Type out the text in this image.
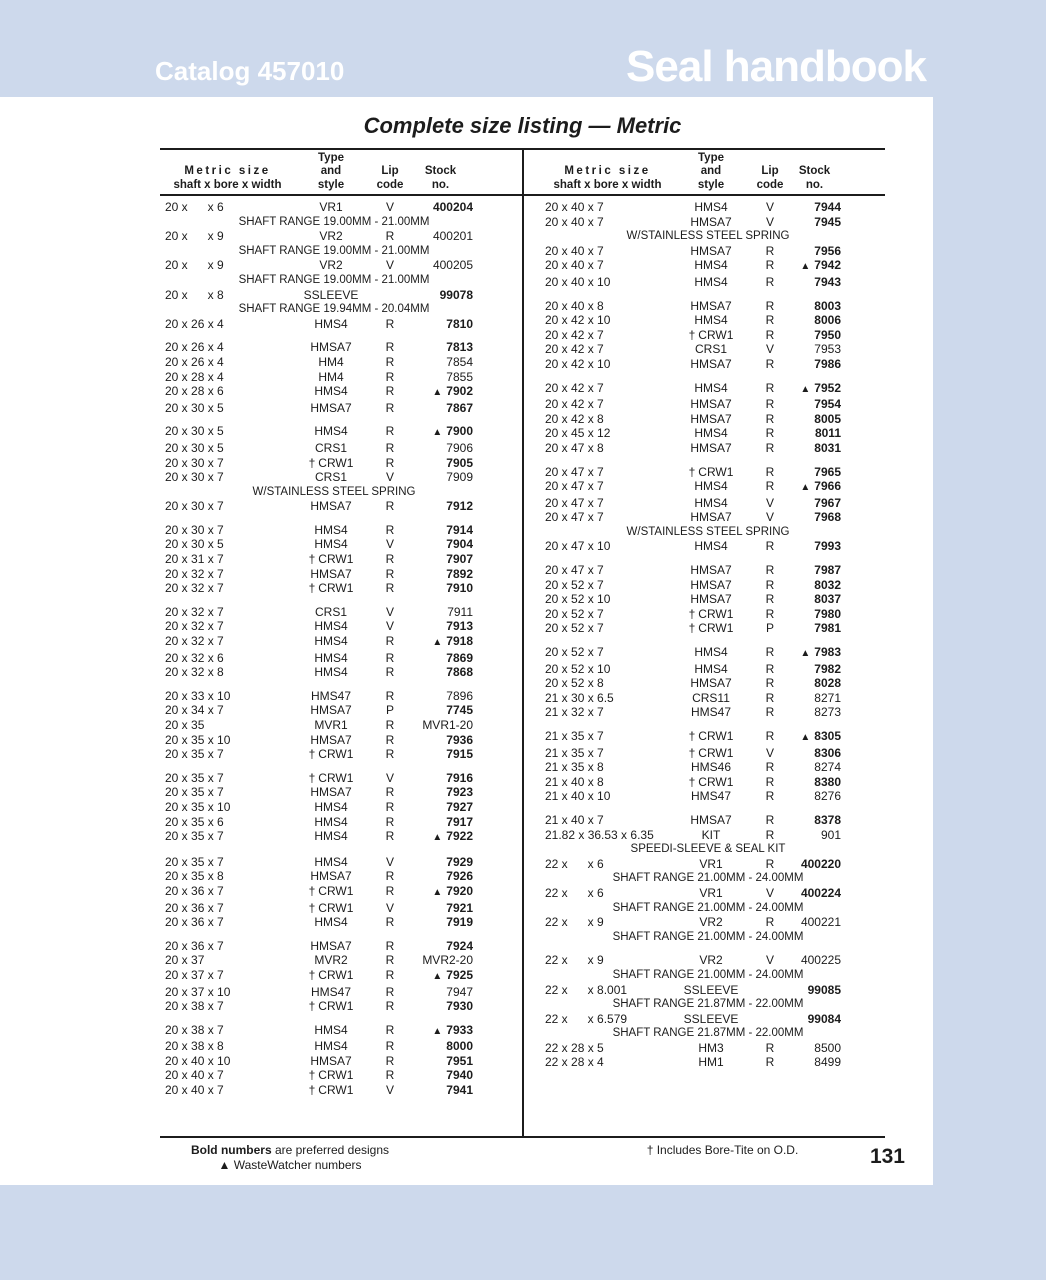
Catalog 457010	Seal handbook
Complete size listing — Metric
Metric size
shaft x bore x width
Type
and
style
Lip
code
Stock
no.
20 x      x 6	VR1	V	400204
SHAFT RANGE 19.00MM - 21.00MM
20 x      x 9	VR2	R	400201
SHAFT RANGE 19.00MM - 21.00MM
20 x      x 9	VR2	V	400205
SHAFT RANGE 19.00MM - 21.00MM
20 x      x 8	SSLEEVE	99078
SHAFT RANGE 19.94MM - 20.04MM
20 x 26 x 4	HMS4	R	7810
20 x 26 x 4	HMSA7	R	7813
20 x 26 x 4	HM4	R	7854
20 x 28 x 4	HM4	R	7855
20 x 28 x 6	HMS4	R	▲ 7902
20 x 30 x 5	HMSA7	R	7867
20 x 30 x 5	HMS4	R	▲ 7900
20 x 30 x 5	CRS1	R	7906
20 x 30 x 7	† CRW1	R	7905
20 x 30 x 7	CRS1	V	7909
W/STAINLESS STEEL SPRING
20 x 30 x 7	HMSA7	R	7912
20 x 30 x 7	HMS4	R	7914
20 x 30 x 5	HMS4	V	7904
20 x 31 x 7	† CRW1	R	7907
20 x 32 x 7	HMSA7	R	7892
20 x 32 x 7	† CRW1	R	7910
20 x 32 x 7	CRS1	V	7911
20 x 32 x 7	HMS4	V	7913
20 x 32 x 7	HMS4	R	▲ 7918
20 x 32 x 6	HMS4	R	7869
20 x 32 x 8	HMS4	R	7868
20 x 33 x 10	HMS47	R	7896
20 x 34 x 7	HMSA7	P	7745
20 x 35	MVR1	R	MVR1-20
20 x 35 x 10	HMSA7	R	7936
20 x 35 x 7	† CRW1	R	7915
20 x 35 x 7	† CRW1	V	7916
20 x 35 x 7	HMSA7	R	7923
20 x 35 x 10	HMS4	R	7927
20 x 35 x 6	HMS4	R	7917
20 x 35 x 7	HMS4	R	▲ 7922
20 x 35 x 7	HMS4	V	7929
20 x 35 x 8	HMSA7	R	7926
20 x 36 x 7	† CRW1	R	▲ 7920
20 x 36 x 7	† CRW1	V	7921
20 x 36 x 7	HMS4	R	7919
20 x 36 x 7	HMSA7	R	7924
20 x 37	MVR2	R	MVR2-20
20 x 37 x 7	† CRW1	R	▲ 7925
20 x 37 x 10	HMS47	R	7947
20 x 38 x 7	† CRW1	R	7930
20 x 38 x 7	HMS4	R	▲ 7933
20 x 38 x 8	HMS4	R	8000
20 x 40 x 10	HMSA7	R	7951
20 x 40 x 7	† CRW1	R	7940
20 x 40 x 7	† CRW1	V	7941
Metric size
shaft x bore x width
Type
and
style
Lip
code
Stock
no.
20 x 40 x 7	HMS4	V	7944
20 x 40 x 7	HMSA7	V	7945
W/STAINLESS STEEL SPRING
20 x 40 x 7	HMSA7	R	7956
20 x 40 x 7	HMS4	R	▲ 7942
20 x 40 x 10	HMS4	R	7943
20 x 40 x 8	HMSA7	R	8003
20 x 42 x 10	HMS4	R	8006
20 x 42 x 7	† CRW1	R	7950
20 x 42 x 7	CRS1	V	7953
20 x 42 x 10	HMSA7	R	7986
20 x 42 x 7	HMS4	R	▲ 7952
20 x 42 x 7	HMSA7	R	7954
20 x 42 x 8	HMSA7	R	8005
20 x 45 x 12	HMS4	R	8011
20 x 47 x 8	HMSA7	R	8031
20 x 47 x 7	† CRW1	R	7965
20 x 47 x 7	HMS4	R	▲ 7966
20 x 47 x 7	HMS4	V	7967
20 x 47 x 7	HMSA7	V	7968
W/STAINLESS STEEL SPRING
20 x 47 x 10	HMS4	R	7993
20 x 47 x 7	HMSA7	R	7987
20 x 52 x 7	HMSA7	R	8032
20 x 52 x 10	HMSA7	R	8037
20 x 52 x 7	† CRW1	R	7980
20 x 52 x 7	† CRW1	P	7981
20 x 52 x 7	HMS4	R	▲ 7983
20 x 52 x 10	HMS4	R	7982
20 x 52 x 8	HMSA7	R	8028
21 x 30 x 6.5	CRS11	R	8271
21 x 32 x 7	HMS47	R	8273
21 x 35 x 7	† CRW1	R	▲ 8305
21 x 35 x 7	† CRW1	V	8306
21 x 35 x 8	HMS46	R	8274
21 x 40 x 8	† CRW1	R	8380
21 x 40 x 10	HMS47	R	8276
21 x 40 x 7	HMSA7	R	8378
21.82 x 36.53 x 6.35	KIT	R	901
SPEEDI-SLEEVE & SEAL KIT
22 x      x 6	VR1	R	400220
SHAFT RANGE 21.00MM - 24.00MM
22 x      x 6	VR1	V	400224
SHAFT RANGE 21.00MM - 24.00MM
22 x      x 9	VR2	R	400221
SHAFT RANGE 21.00MM - 24.00MM
22 x      x 9	VR2	V	400225
SHAFT RANGE 21.00MM - 24.00MM
22 x      x 8.001	SSLEEVE	99085
SHAFT RANGE 21.87MM - 22.00MM
22 x      x 6.579	SSLEEVE	99084
SHAFT RANGE 21.87MM - 22.00MM
22 x 28 x 5	HM3	R	8500
22 x 28 x 4	HM1	R	8499
Bold numbers are preferred designs
▲ WasteWatcher numbers
† Includes Bore-Tite on O.D.	131
